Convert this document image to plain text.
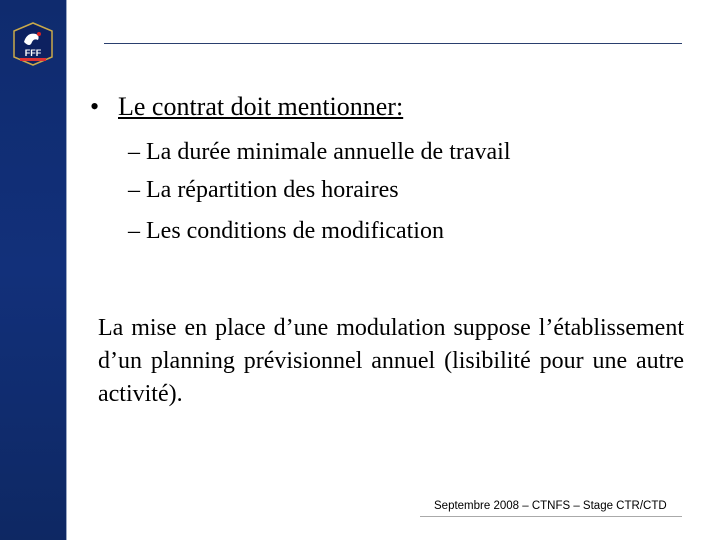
FFF
• Le contrat doit mentionner:
– La durée minimale annuelle de travail
– La répartition des horaires
– Les conditions de modification
La mise en place d’une modulation suppose l’établissement d’un planning prévisionnel annuel (lisibilité pour une autre activité).
Septembre 2008 – CTNFS – Stage CTR/CTD
